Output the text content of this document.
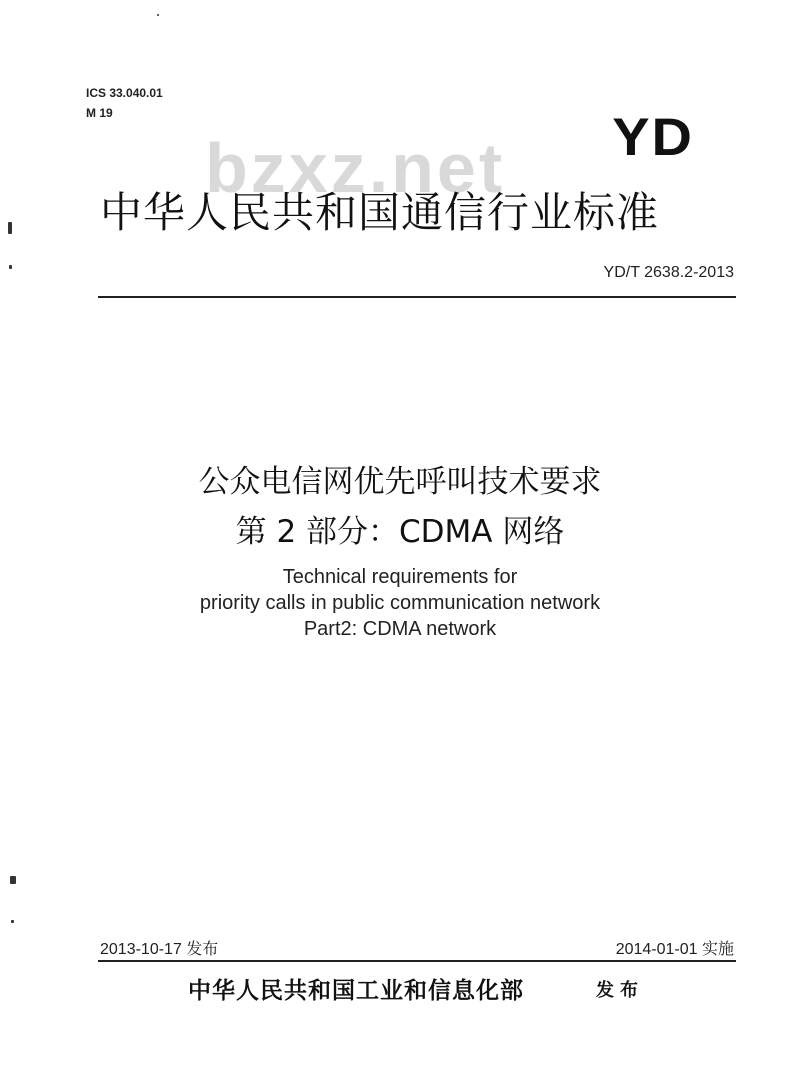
ICS 33.040.01
M 19
bzxz.net YD
中华人民共和国通信行业标准
YD/T 2638.2-2013
公众电信网优先呼叫技术要求
第 2 部分：CDMA 网络
Technical requirements for
priority calls in public communication network
Part2: CDMA network
2013-10-17 发布	2014-01-01 实施
中华人民共和国工业和信息化部	发布
